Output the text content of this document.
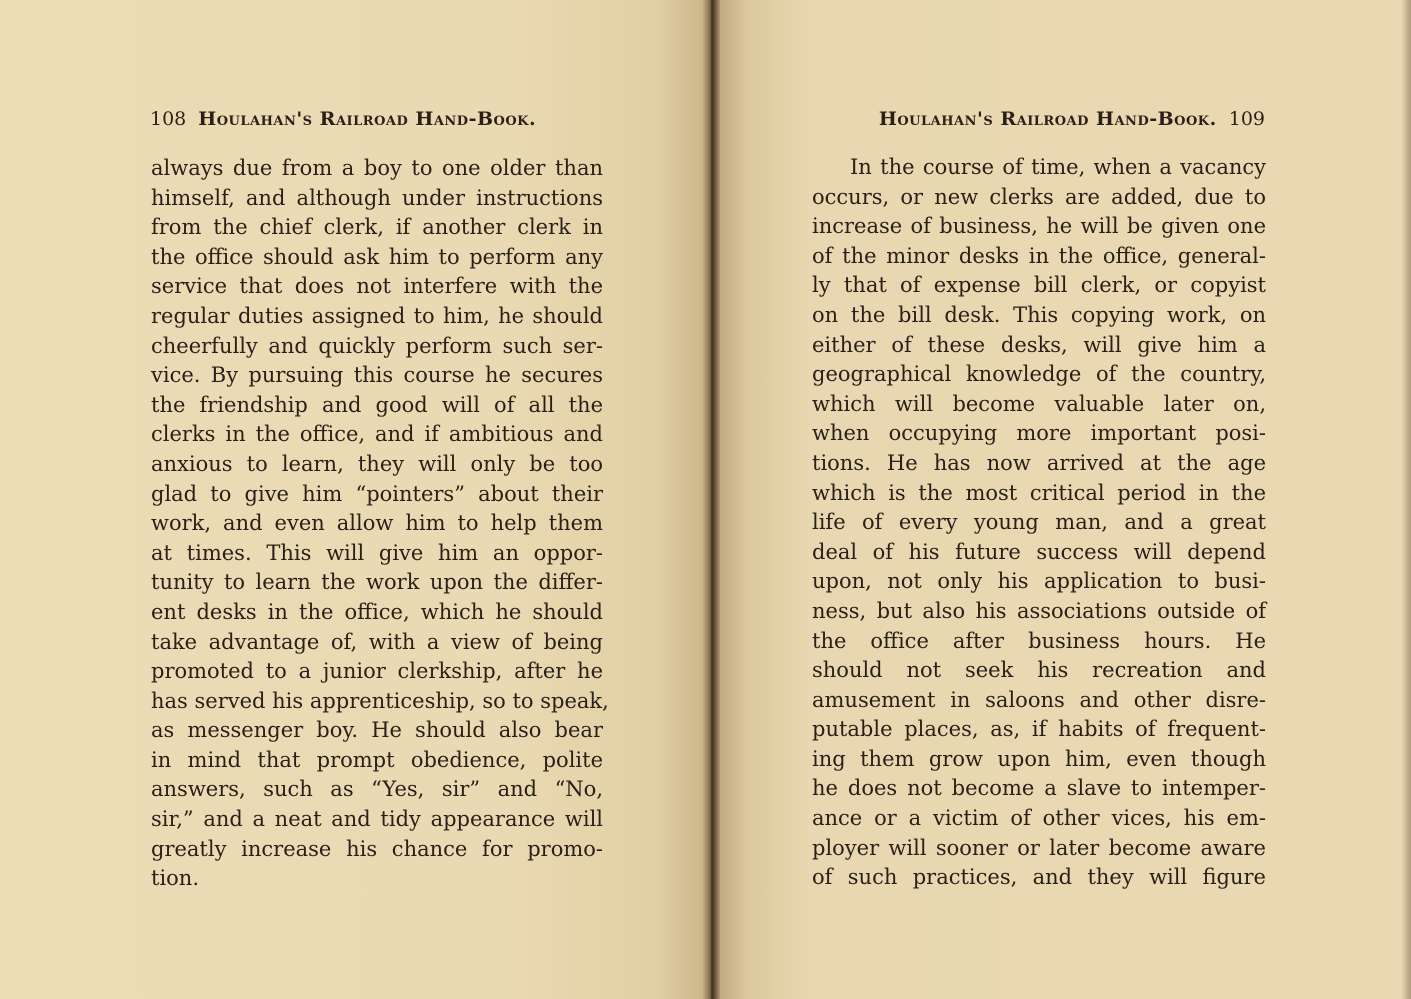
108 Houlahan's Railroad Hand-Book.
always due from a boy to one older than
himself, and although under instructions
from the chief clerk, if another clerk in
the office should ask him to perform any
service that does not interfere with the
regular duties assigned to him, he should
cheerfully and quickly perform such ser-
vice. By pursuing this course he secures
the friendship and good will of all the
clerks in the office, and if ambitious and
anxious to learn, they will only be too
glad to give him “pointers” about their
work, and even allow him to help them
at times. This will give him an oppor-
tunity to learn the work upon the differ-
ent desks in the office, which he should
take advantage of, with a view of being
promoted to a junior clerkship, after he
has served his apprenticeship, so to speak,
as messenger boy. He should also bear
in mind that prompt obedience, polite
answers, such as “Yes, sir” and “No,
sir,” and a neat and tidy appearance will
greatly increase his chance for promo-
tion.
Houlahan's Railroad Hand-Book. 109
In the course of time, when a vacancy
occurs, or new clerks are added, due to
increase of business, he will be given one
of the minor desks in the office, general-
ly that of expense bill clerk, or copyist
on the bill desk. This copying work, on
either of these desks, will give him a
geographical knowledge of the country,
which will become valuable later on,
when occupying more important posi-
tions. He has now arrived at the age
which is the most critical period in the
life of every young man, and a great
deal of his future success will depend
upon, not only his application to busi-
ness, but also his associations outside of
the office after business hours. He
should not seek his recreation and
amusement in saloons and other disre-
putable places, as, if habits of frequent-
ing them grow upon him, even though
he does not become a slave to intemper-
ance or a victim of other vices, his em-
ployer will sooner or later become aware
of such practices, and they will figure
